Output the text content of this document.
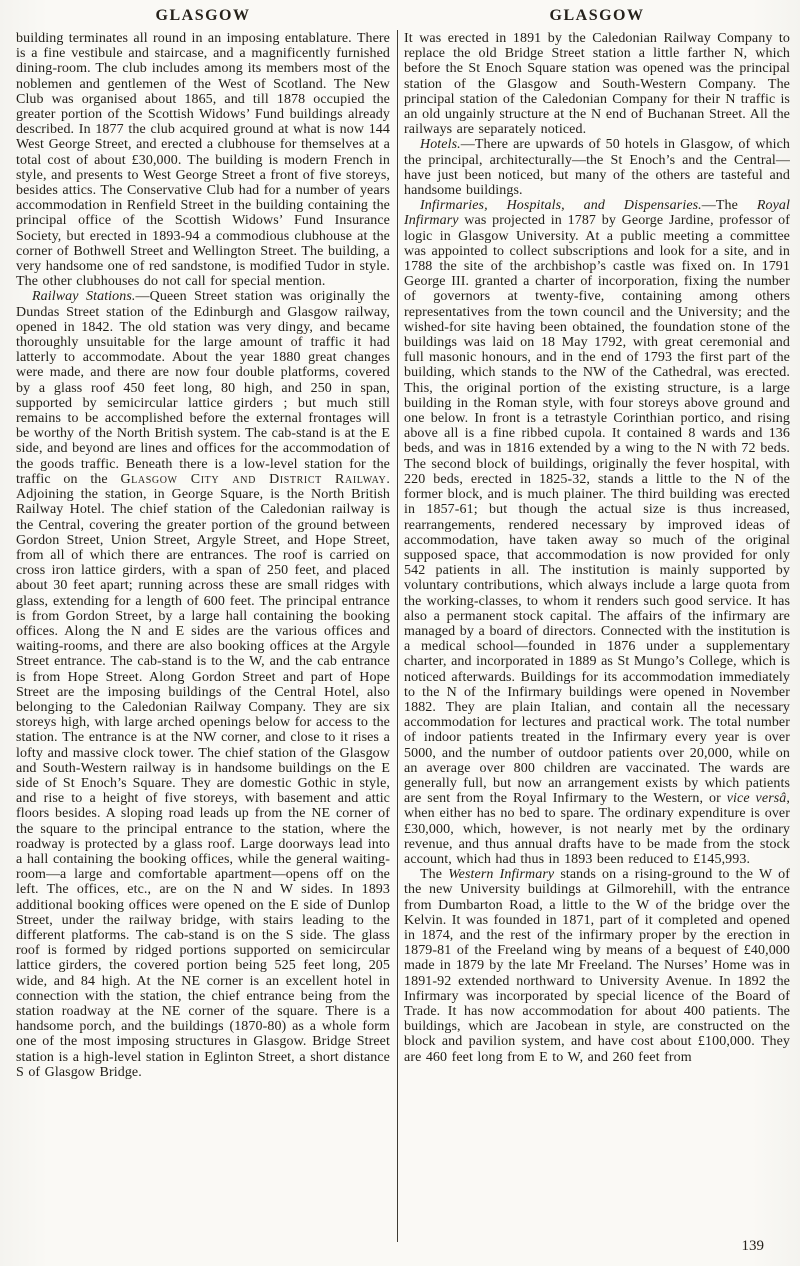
GLASGOW	GLASGOW

building terminates all round in an imposing entablature. There is a fine vestibule and staircase, and a magnificently furnished dining-room. The club includes among its members most of the noblemen and gentlemen of the West of Scotland. The New Club was organised about 1865, and till 1878 occupied the greater portion of the Scottish Widows’ Fund buildings already described. In 1877 the club acquired ground at what is now 144 West George Street, and erected a clubhouse for themselves at a total cost of about £30,000. The building is modern French in style, and presents to West George Street a front of five storeys, besides attics. The Conservative Club had for a number of years accommodation in Renfield Street in the building containing the principal office of the Scottish Widows’ Fund Insurance Society, but erected in 1893-94 a commodious clubhouse at the corner of Bothwell Street and Wellington Street. The building, a very handsome one of red sandstone, is modified Tudor in style. The other clubhouses do not call for special mention.

Railway Stations.—Queen Street station was originally the Dundas Street station of the Edinburgh and Glasgow railway, opened in 1842. The old station was very dingy, and became thoroughly unsuitable for the large amount of traffic it had latterly to accommodate. About the year 1880 great changes were made, and there are now four double platforms, covered by a glass roof 450 feet long, 80 high, and 250 in span, supported by semicircular lattice girders ; but much still remains to be accomplished before the external frontages will be worthy of the North British system. The cab-stand is at the E side, and beyond are lines and offices for the accommodation of the goods traffic. Beneath there is a low-level station for the traffic on the Glasgow City and District Railway. Adjoining the station, in George Square, is the North British Railway Hotel. The chief station of the Caledonian railway is the Central, covering the greater portion of the ground between Gordon Street, Union Street, Argyle Street, and Hope Street, from all of which there are entrances. The roof is carried on cross iron lattice girders, with a span of 250 feet, and placed about 30 feet apart; running across these are small ridges with glass, extending for a length of 600 feet. The principal entrance is from Gordon Street, by a large hall containing the booking offices. Along the N and E sides are the various offices and waiting-rooms, and there are also booking offices at the Argyle Street entrance. The cab-stand is to the W, and the cab entrance is from Hope Street. Along Gordon Street and part of Hope Street are the imposing buildings of the Central Hotel, also belonging to the Caledonian Railway Company. They are six storeys high, with large arched openings below for access to the station. The entrance is at the NW corner, and close to it rises a lofty and massive clock tower. The chief station of the Glasgow and South-Western railway is in handsome buildings on the E side of St Enoch’s Square. They are domestic Gothic in style, and rise to a height of five storeys, with basement and attic floors besides. A sloping road leads up from the NE corner of the square to the principal entrance to the station, where the roadway is protected by a glass roof. Large doorways lead into a hall containing the booking offices, while the general waiting-room—a large and comfortable apartment—opens off on the left. The offices, etc., are on the N and W sides. In 1893 additional booking offices were opened on the E side of Dunlop Street, under the railway bridge, with stairs leading to the different platforms. The cab-stand is on the S side. The glass roof is formed by ridged portions supported on semicircular lattice girders, the covered portion being 525 feet long, 205 wide, and 84 high. At the NE corner is an excellent hotel in connection with the station, the chief entrance being from the station roadway at the NE corner of the square. There is a handsome porch, and the buildings (1870-80) as a whole form one of the most imposing structures in Glasgow. Bridge Street station is a high-level station in Eglinton Street, a short distance S of Glasgow Bridge.

It was erected in 1891 by the Caledonian Railway Company to replace the old Bridge Street station a little farther N, which before the St Enoch Square station was opened was the principal station of the Glasgow and South-Western Company. The principal station of the Caledonian Company for their N traffic is an old ungainly structure at the N end of Buchanan Street. All the railways are separately noticed.

Hotels.—There are upwards of 50 hotels in Glasgow, of which the principal, architecturally—the St Enoch’s and the Central—have just been noticed, but many of the others are tasteful and handsome buildings.

Infirmaries, Hospitals, and Dispensaries.—The Royal Infirmary was projected in 1787 by George Jardine, professor of logic in Glasgow University. At a public meeting a committee was appointed to collect subscriptions and look for a site, and in 1788 the site of the archbishop’s castle was fixed on. In 1791 George III. granted a charter of incorporation, fixing the number of governors at twenty-five, containing among others representatives from the town council and the University; and the wished-for site having been obtained, the foundation stone of the buildings was laid on 18 May 1792, with great ceremonial and full masonic honours, and in the end of 1793 the first part of the building, which stands to the NW of the Cathedral, was erected. This, the original portion of the existing structure, is a large building in the Roman style, with four storeys above ground and one below. In front is a tetrastyle Corinthian portico, and rising above all is a fine ribbed cupola. It contained 8 wards and 136 beds, and was in 1816 extended by a wing to the N with 72 beds. The second block of buildings, originally the fever hospital, with 220 beds, erected in 1825-32, stands a little to the N of the former block, and is much plainer. The third building was erected in 1857-61; but though the actual size is thus increased, rearrangements, rendered necessary by improved ideas of accommodation, have taken away so much of the original supposed space, that accommodation is now provided for only 542 patients in all. The institution is mainly supported by voluntary contributions, which always include a large quota from the working-classes, to whom it renders such good service. It has also a permanent stock capital. The affairs of the infirmary are managed by a board of directors. Connected with the institution is a medical school—founded in 1876 under a supplementary charter, and incorporated in 1889 as St Mungo’s College, which is noticed afterwards. Buildings for its accommodation immediately to the N of the Infirmary buildings were opened in November 1882. They are plain Italian, and contain all the necessary accommodation for lectures and practical work. The total number of indoor patients treated in the Infirmary every year is over 5000, and the number of outdoor patients over 20,000, while on an average over 800 children are vaccinated. The wards are generally full, but now an arrangement exists by which patients are sent from the Royal Infirmary to the Western, or vice versâ, when either has no bed to spare. The ordinary expenditure is over £30,000, which, however, is not nearly met by the ordinary revenue, and thus annual drafts have to be made from the stock account, which had thus in 1893 been reduced to £145,993.

The Western Infirmary stands on a rising-ground to the W of the new University buildings at Gilmorehill, with the entrance from Dumbarton Road, a little to the W of the bridge over the Kelvin. It was founded in 1871, part of it completed and opened in 1874, and the rest of the infirmary proper by the erection in 1879-81 of the Freeland wing by means of a bequest of £40,000 made in 1879 by the late Mr Freeland. The Nurses’ Home was in 1891-92 extended northward to University Avenue. In 1892 the Infirmary was incorporated by special licence of the Board of Trade. It has now accommodation for about 400 patients. The buildings, which are Jacobean in style, are constructed on the block and pavilion system, and have cost about £100,000. They are 460 feet long from E to W, and 260 feet from

139
